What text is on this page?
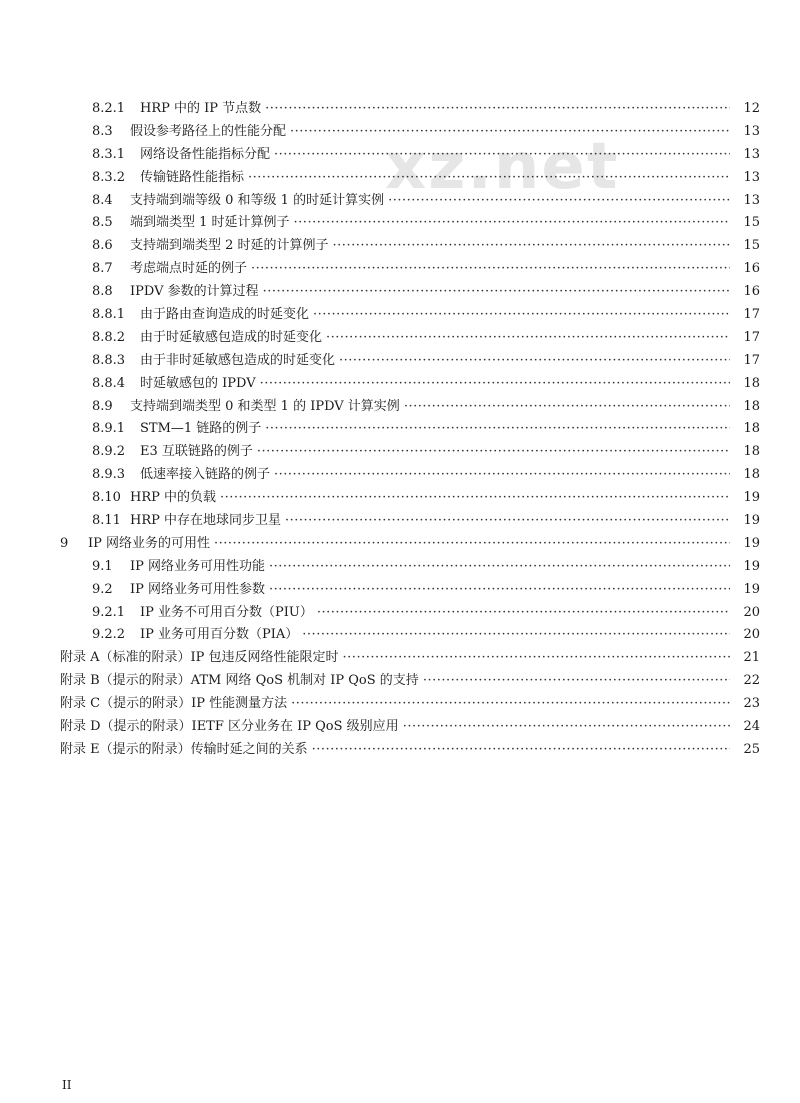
xz.net
8.2.1	HRP 中的 IP 节点数 ·····	12
8.3	假设参考路径上的性能分配 ·····	13
8.3.1	网络设备性能指标分配 ·····	13
8.3.2	传输链路性能指标 ·····	13
8.4	支持端到端等级 0 和等级 1 的时延计算实例 ·····	13
8.5	端到端类型 1 时延计算例子 ·····	15
8.6	支持端到端类型 2 时延的计算例子 ·····	15
8.7	考虑端点时延的例子 ·····	16
8.8	IPDV 参数的计算过程 ·····	16
8.8.1	由于路由查询造成的时延变化 ·····	17
8.8.2	由于时延敏感包造成的时延变化 ·····	17
8.8.3	由于非时延敏感包造成的时延变化 ·····	17
8.8.4	时延敏感包的 IPDV ·····	18
8.9	支持端到端类型 0 和类型 1 的 IPDV 计算实例 ·····	18
8.9.1	STM—1 链路的例子 ·····	18
8.9.2	E3 互联链路的例子 ·····	18
8.9.3	低速率接入链路的例子 ·····	18
8.10 HRP 中的负载 ·····	19
8.11 HRP 中存在地球同步卫星 ·····	19
9	IP 网络业务的可用性 ·····	19
9.1	IP 网络业务可用性功能 ·····	19
9.2	IP 网络业务可用性参数 ·····	19
9.2.1	IP 业务不可用百分数（PIU） ·····	20
9.2.2	IP 业务可用百分数（PIA） ·····	20
附录 A（标准的附录）IP 包违反网络性能限定时 ·····	21
附录 B（提示的附录）ATM 网络 QoS 机制对 IP QoS 的支持 ·····	22
附录 C（提示的附录）IP 性能测量方法 ·····	23
附录 D（提示的附录）IETF 区分业务在 IP QoS 级别应用 ·····	24
附录 E（提示的附录）传输时延之间的关系 ·····	25
II
